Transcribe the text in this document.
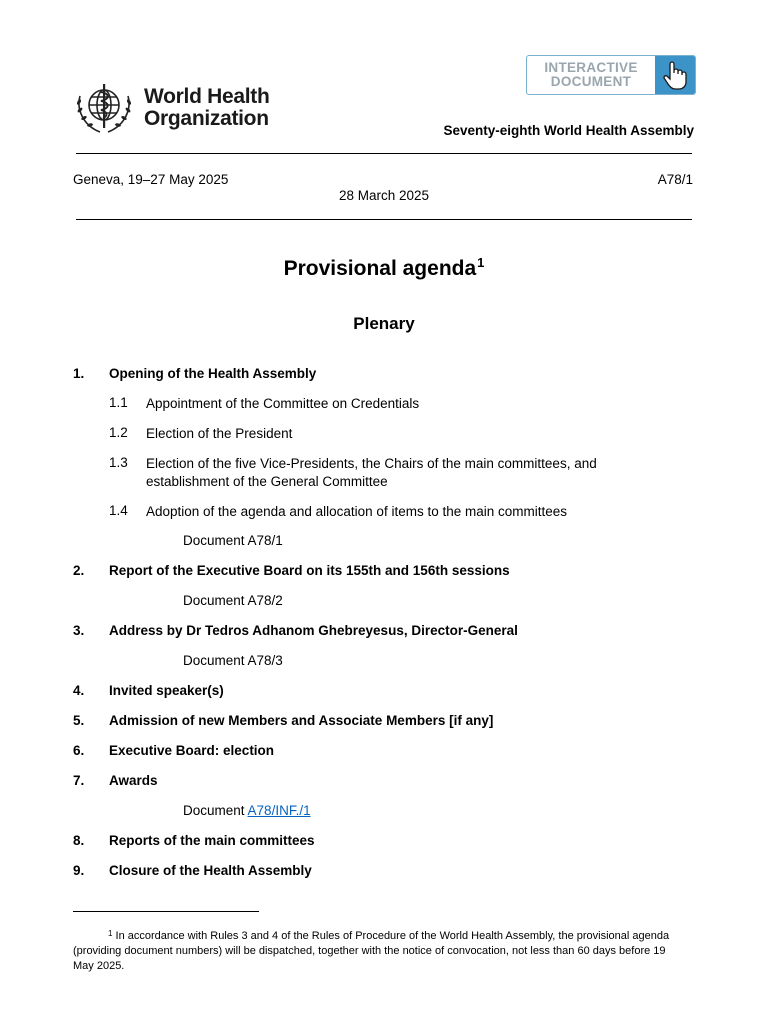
World Health
Organization
INTERACTIVE
DOCUMENT
Seventy-eighth World Health Assembly
Geneva, 19–27 May 2025	A78/1
28 March 2025
Provisional agenda$^1$
Plenary
1. Opening of the Health Assembly
1.1 Appointment of the Committee on Credentials
1.2 Election of the President
1.3 Election of the five Vice-Presidents, the Chairs of the main committees, and establishment of the General Committee
1.4 Adoption of the agenda and allocation of items to the main committees
Document A78/1
2. Report of the Executive Board on its 155th and 156th sessions
Document A78/2
3. Address by Dr Tedros Adhanom Ghebreyesus, Director-General
Document A78/3
4. Invited speaker(s)
5. Admission of new Members and Associate Members [if any]
6. Executive Board: election
7. Awards
Document A78/INF./1
8. Reports of the main committees
9. Closure of the Health Assembly
$^1$ In accordance with Rules 3 and 4 of the Rules of Procedure of the World Health Assembly, the provisional agenda (providing document numbers) will be dispatched, together with the notice of convocation, not less than 60 days before 19 May 2025.
